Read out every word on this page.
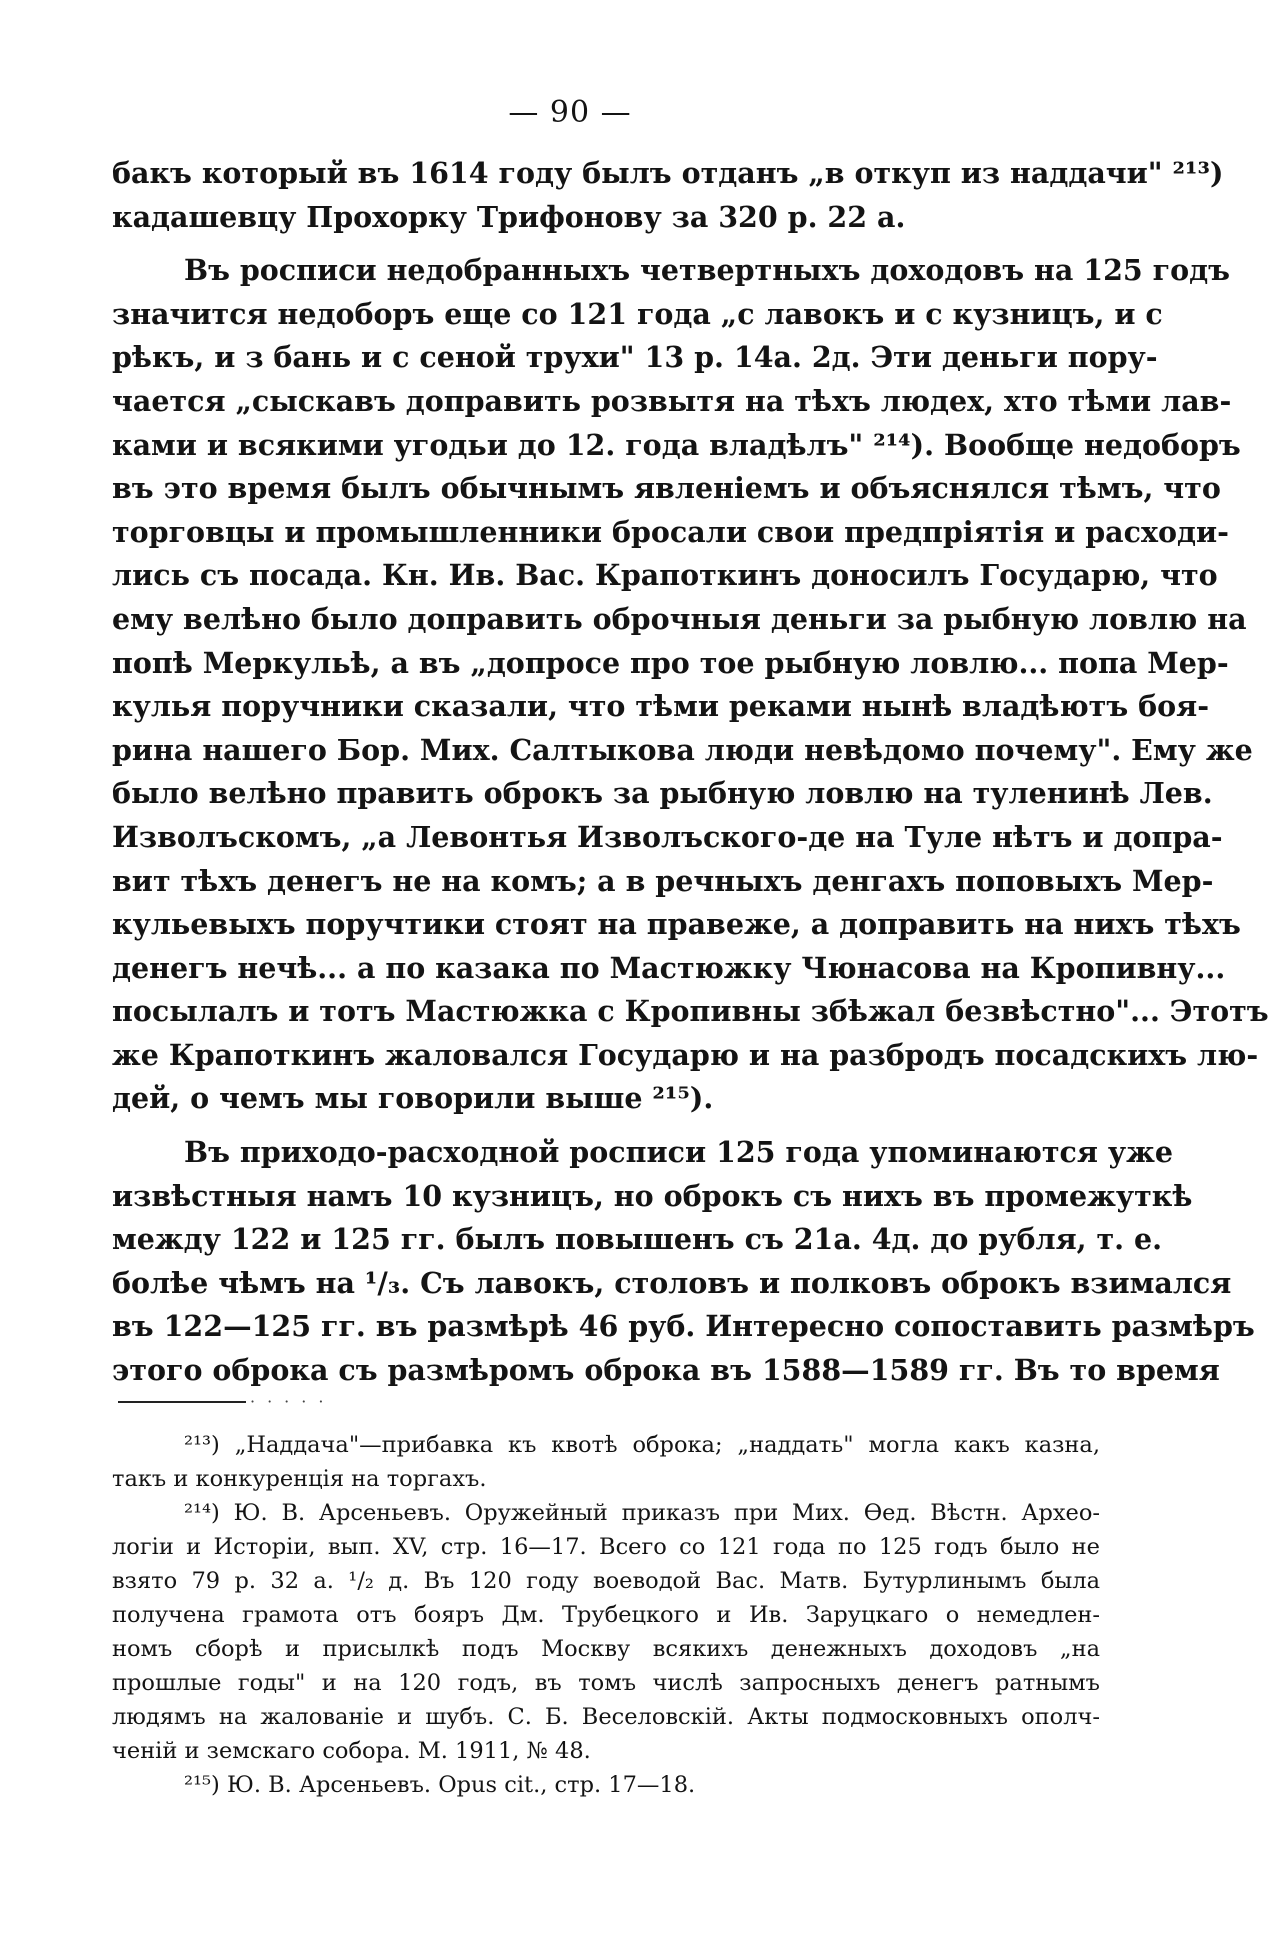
— 90 —
бакъ который въ 1614 году былъ отданъ „в откуп из наддачи" ²¹³)
кадашевцу Прохорку Трифонову за 320 р. 22 а.
Въ росписи недобранныхъ четвертныхъ доходовъ на 125 годъ
значится недоборъ еще со 121 года „с лавокъ и с кузницъ, и с
рѣкъ, и з бань и с сеной трухи" 13 р. 14а. 2д. Эти деньги пору-
чается „сыскавъ доправить розвытя на тѣхъ людех, хто тѣми лав-
ками и всякими угодьи до 12. года владѣлъ" ²¹⁴). Вообще недоборъ
въ это время былъ обычнымъ явленіемъ и объяснялся тѣмъ, что
торговцы и промышленники бросали свои предпріятія и расходи-
лись съ посада. Кн. Ив. Вас. Крапоткинъ доносилъ Государю, что
ему велѣно было доправить оброчныя деньги за рыбную ловлю на
попѣ Меркульѣ, а въ „допросе про тое рыбную ловлю... попа Мер-
кулья поручники сказали, что тѣми реками нынѣ владѣютъ боя-
рина нашего Бор. Мих. Салтыкова люди невѣдомо почему". Ему же
было велѣно править оброкъ за рыбную ловлю на туленинѣ Лев.
Изволъскомъ, „а Левонтья Изволъского-де на Туле нѣтъ и допра-
вит тѣхъ денегъ не на комъ; а в речныхъ денгахъ поповыхъ Мер-
кульевыхъ поручтики стоят на правеже, а доправить на нихъ тѣхъ
денегъ нечѣ... а по казака по Мастюжку Чюнасова на Кропивну...
посылалъ и тотъ Мастюжка с Кропивны збѣжал безвѣстно"... Этотъ
же Крапоткинъ жаловался Государю и на разбродъ посадскихъ лю-
дей, о чемъ мы говорили выше ²¹⁵).
Въ приходо-расходной росписи 125 года упоминаются уже
извѣстныя намъ 10 кузницъ, но оброкъ съ нихъ въ промежуткѣ
между 122 и 125 гг. былъ повышенъ съ 21а. 4д. до рубля, т. е.
болѣе чѣмъ на ¹/₃. Съ лавокъ, столовъ и полковъ оброкъ взимался
въ 122—125 гг. въ размѣрѣ 46 руб. Интересно сопоставить размѣръ
этого оброка съ размѣромъ оброка въ 1588—1589 гг. Въ то время
·····
²¹³) „Наддача"—прибавка къ квотѣ оброка; „наддать" могла какъ казна,
такъ и конкуренція на торгахъ.
²¹⁴) Ю. В. Арсеньевъ. Оружейный приказъ при Мих. Ѳед. Вѣстн. Архео-
логіи и Исторіи, вып. XV, стр. 16—17. Всего со 121 года по 125 годъ было не
взято 79 р. 32 а. ¹/₂ д. Въ 120 году воеводой Вас. Матв. Бутурлинымъ была
получена грамота отъ бояръ Дм. Трубецкого и Ив. Заруцкаго о немедлен-
номъ сборѣ и присылкѣ подъ Москву всякихъ денежныхъ доходовъ „на
прошлые годы" и на 120 годъ, въ томъ числѣ запросныхъ денегъ ратнымъ
людямъ на жалованіе и шубъ. С. Б. Веселовскій. Акты подмосковныхъ ополч-
ченій и земскаго собора. М. 1911, № 48.
²¹⁵) Ю. В. Арсеньевъ. Opus cit., стр. 17—18.
